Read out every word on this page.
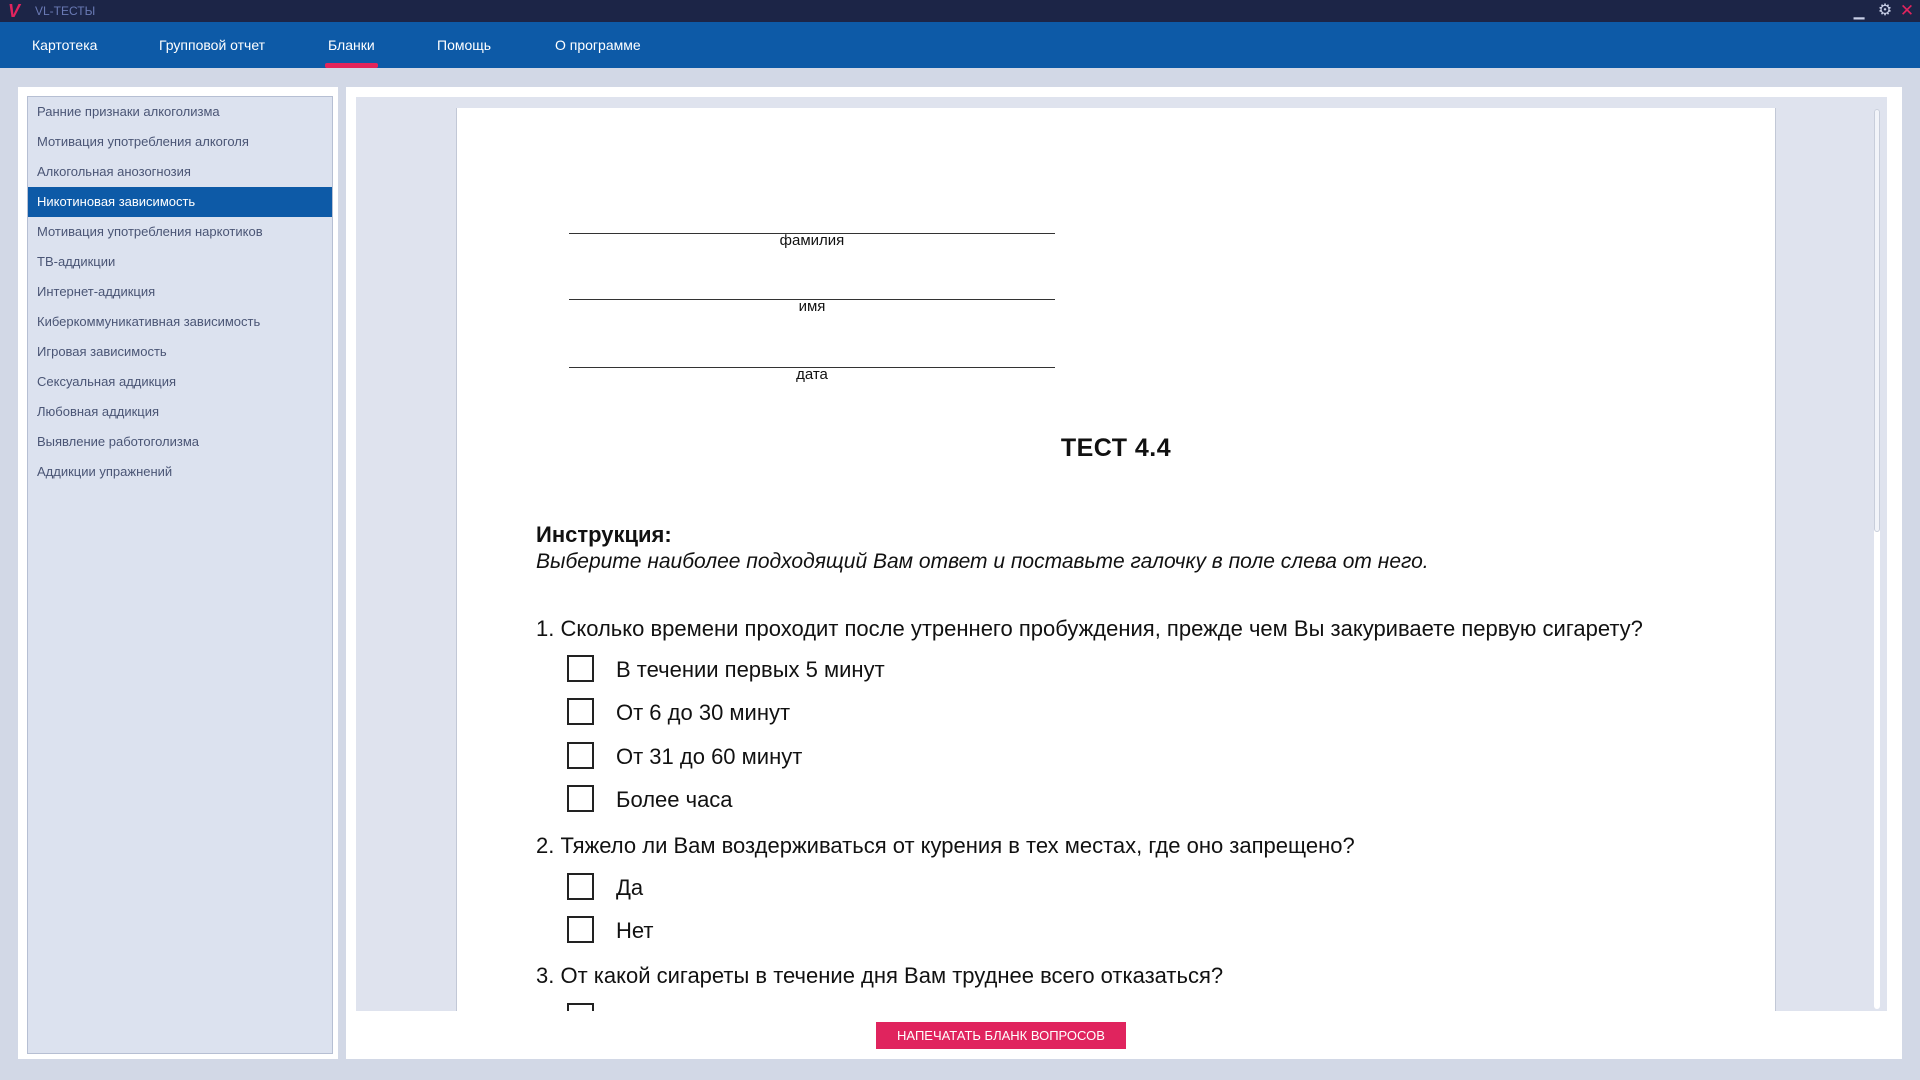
V	VL-ТЕСТЫ	▁ ⚙ ✕
Картотека	Групповой отчет	Бланки	Помощь	О программе
Ранние признаки алкоголизма
Мотивация употребления алкоголя
Алкогольная анозогнозия
Никотиновая зависимость
Мотивация употребления наркотиков
ТВ-аддикции
Интернет-аддикция
Киберкоммуникативная зависимость
Игровая зависимость
Сексуальная аддикция
Любовная аддикция
Выявление работоголизма
Аддикции упражнений
фамилия
имя
дата
ТЕСТ 4.4
Инструкция:
Выберите наиболее подходящий Вам ответ и поставьте галочку в поле слева от него.
1. Сколько времени проходит после утреннего пробуждения, прежде чем Вы закуриваете первую сигарету?
В течении первых 5 минут
От 6 до 30 минут
От 31 до 60 минут
Более часа
2. Тяжело ли Вам воздерживаться от курения в тех местах, где оно запрещено?
Да
Нет
3. От какой сигареты в течение дня Вам труднее всего отказаться?
НАПЕЧАТАТЬ БЛАНК ВОПРОСОВ
